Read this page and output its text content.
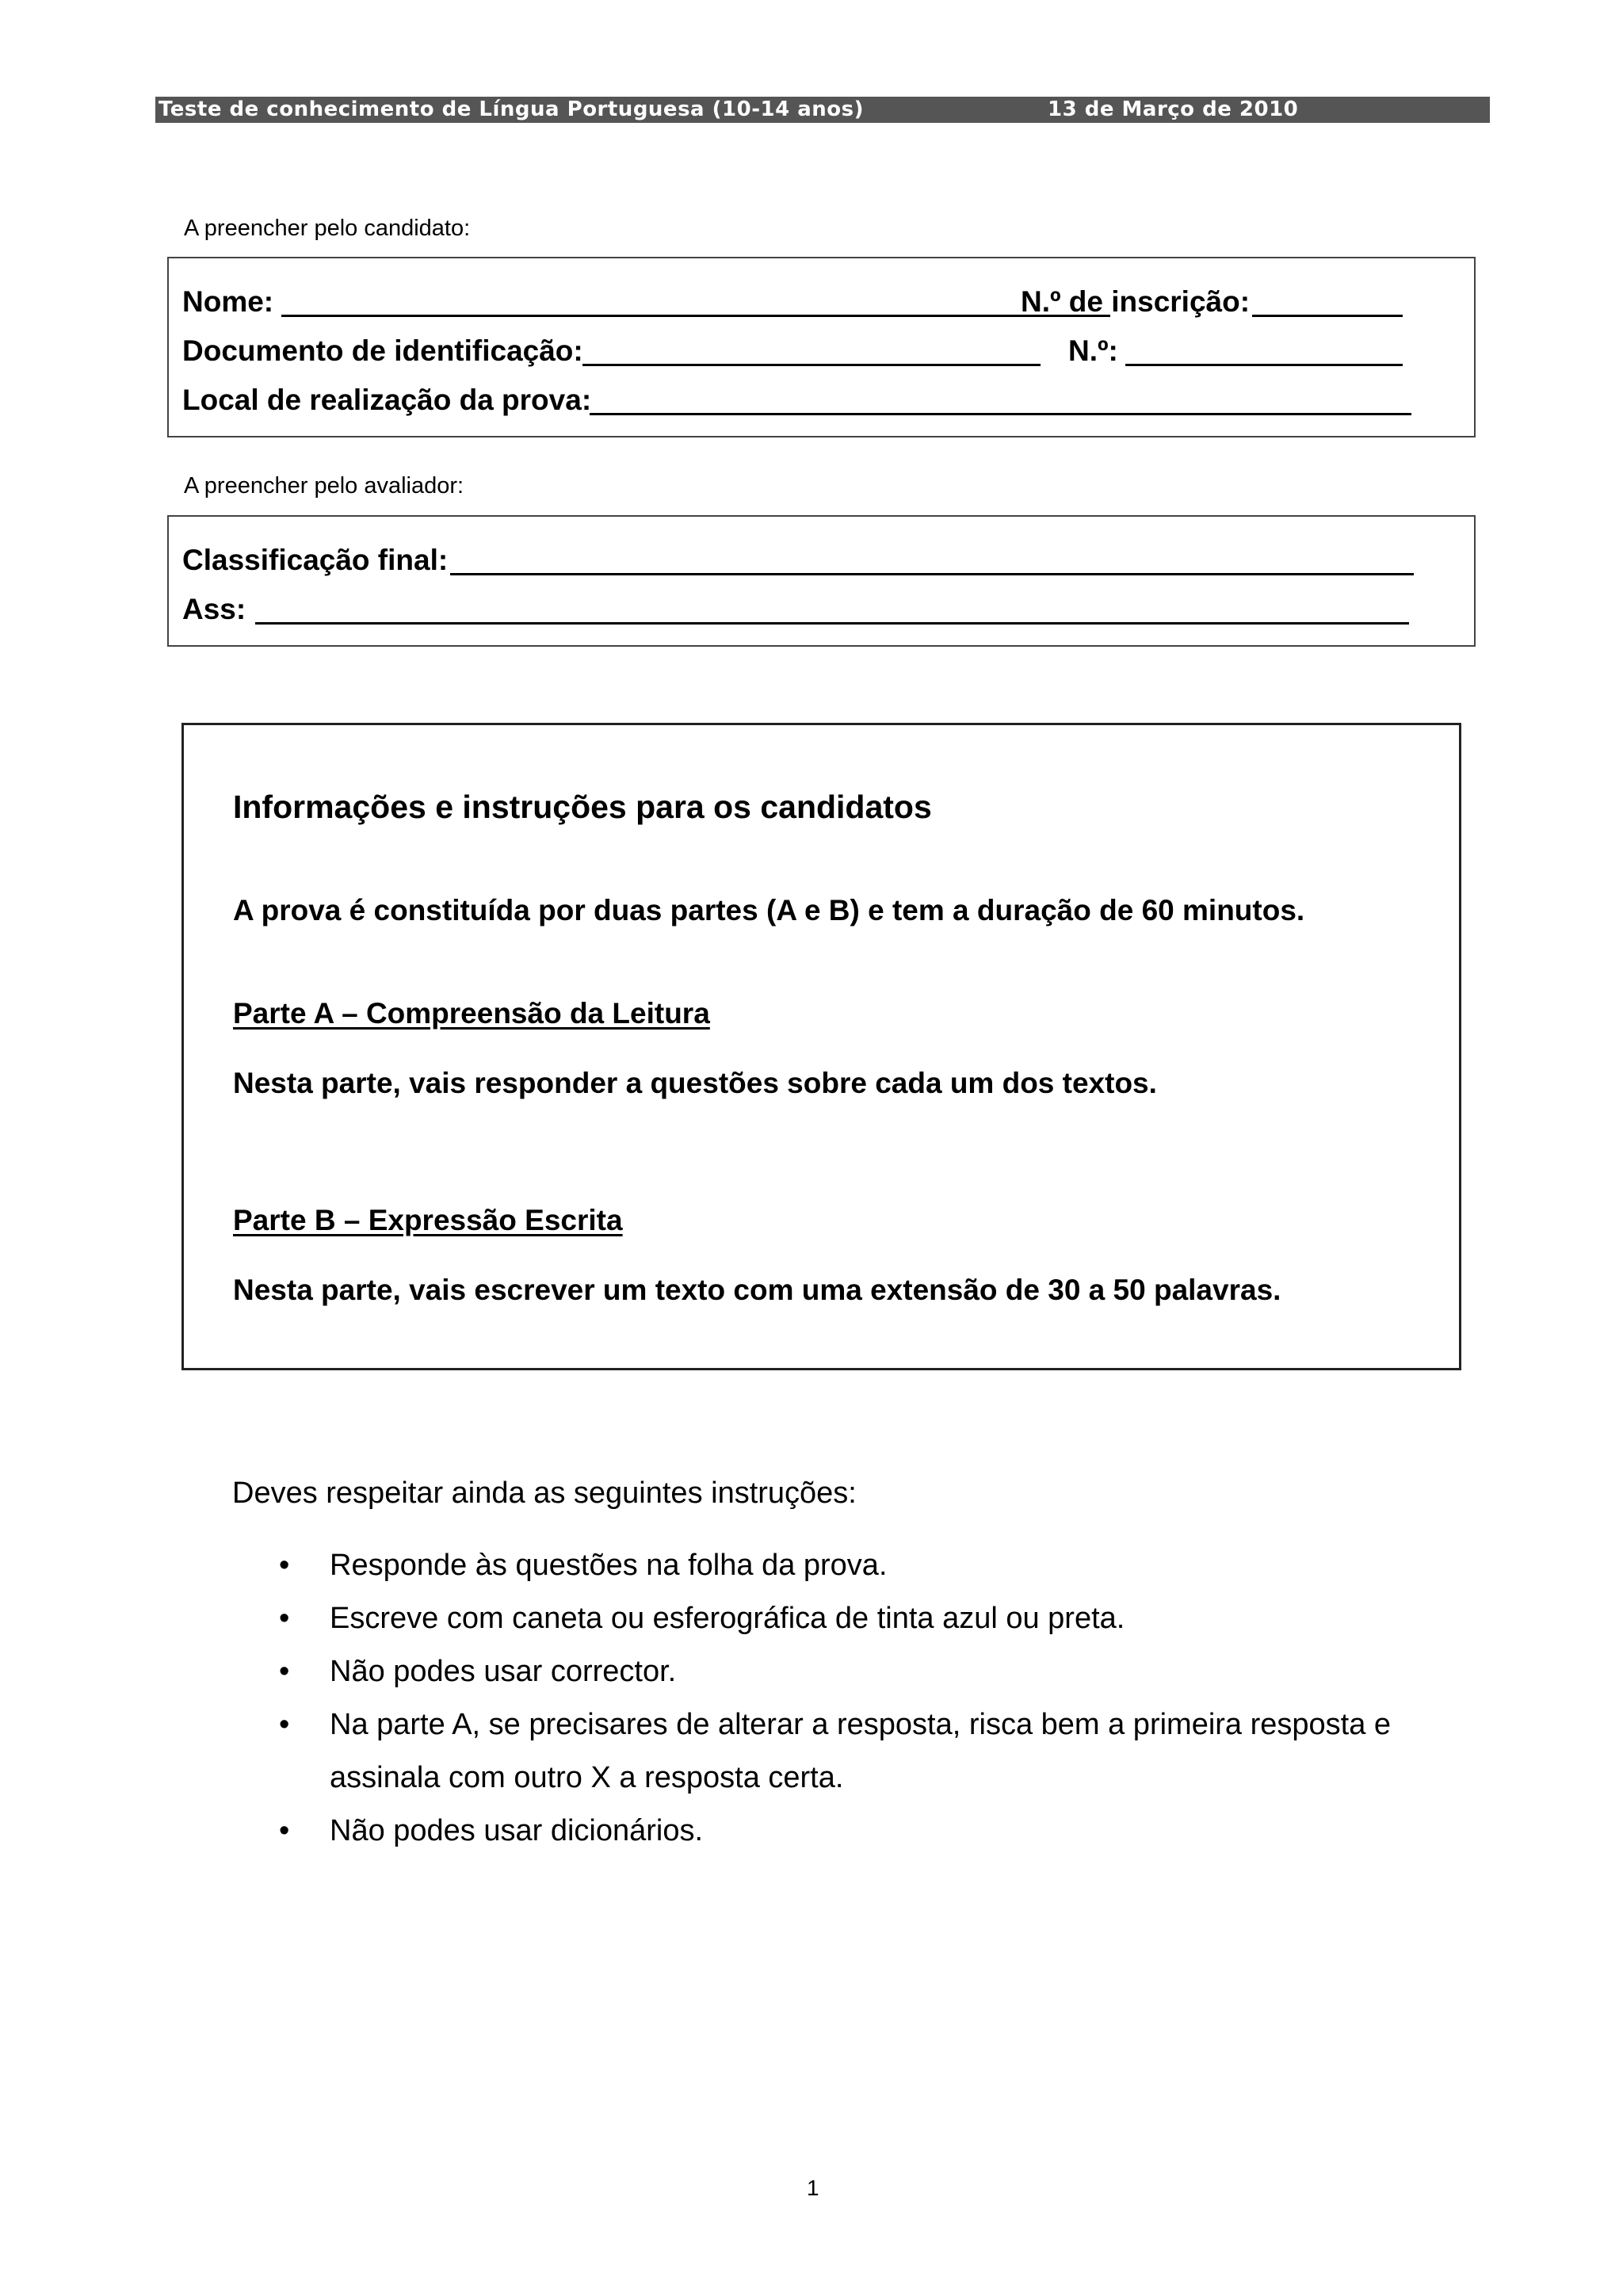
Teste de conhecimento de Língua Portuguesa (10-14 anos)	13 de Março de 2010
A preencher pelo candidato:
Nome:	N.º de inscrição:
Documento de identificação:	N.º:
Local de realização da prova:
A preencher pelo avaliador:
Classificação final:
Ass:
Informações e instruções para os candidatos
A prova é constituída por duas partes (A e B) e tem a duração de 60 minutos.
Parte A – Compreensão da Leitura
Nesta parte, vais responder a questões sobre cada um dos textos.
Parte B – Expressão Escrita
Nesta parte, vais escrever um texto com uma extensão de 30 a 50 palavras.
Deves respeitar ainda as seguintes instruções:
• Responde às questões na folha da prova.
• Escreve com caneta ou esferográfica de tinta azul ou preta.
• Não podes usar corrector.
• Na parte A, se precisares de alterar a resposta, risca bem a primeira resposta e assinala com outro X a resposta certa.
• Não podes usar dicionários.
1
